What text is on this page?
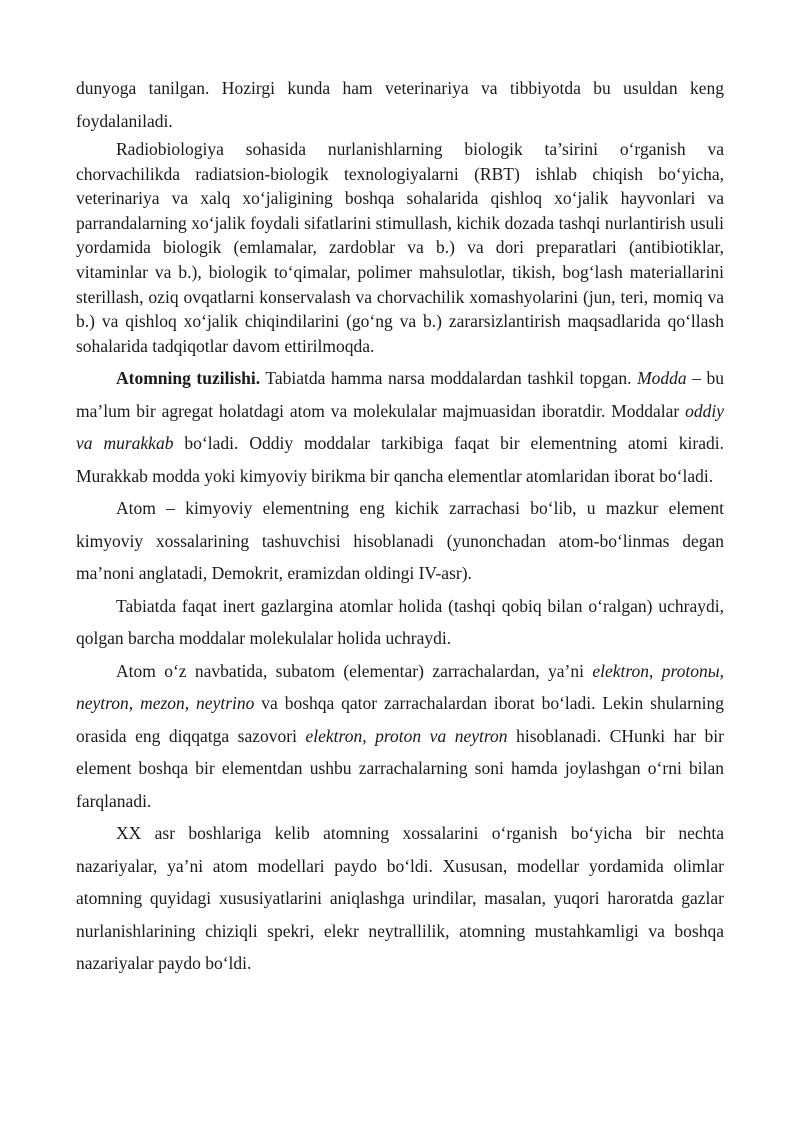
dunyoga tanilgan. Hozirgi kunda ham veterinariya va tibbiyotda bu usuldan keng foydalaniladi.

Radiobiologiya sohasida nurlanishlarning biologik ta’sirini o‘rganish va chorvachilikda radiatsion-biologik texnologiyalarni (RBT) ishlab chiqish bo‘yicha, veterinariya va xalq xo‘jaligining boshqa sohalarida qishloq xo‘jalik hayvonlari va parrandalarning xo‘jalik foydali sifatlarini stimullash, kichik dozada tashqi nurlantirish usuli yordamida biologik (emlamalar, zardoblar va b.) va dori preparatlari (antibiotiklar, vitaminlar va b.), biologik to‘qimalar, polimer mahsulotlar, tikish, bog‘lash materiallarini sterillash, oziq ovqatlarni konservalash va chorvachilik xomashyolarini (jun, teri, momiq va b.) va qishloq xo‘jalik chiqindilarini (go‘ng va b.) zararsizlantirish maqsadlarida qo‘llash sohalarida tadqiqotlar davom ettirilmoqda.

Atomning tuzilishi. Tabiatda hamma narsa moddalardan tashkil topgan. Modda – bu ma’lum bir agregat holatdagi atom va molekulalar majmuasidan iboratdir. Moddalar oddiy va murakkab bo‘ladi. Oddiy moddalar tarkibiga faqat bir elementning atomi kiradi. Murakkab modda yoki kimyoviy birikma bir qancha elementlar atomlaridan iborat bo‘ladi.

Atom – kimyoviy elementning eng kichik zarrachasi bo‘lib, u mazkur element kimyoviy xossalarining tashuvchisi hisoblanadi (yunonchadan atom-bo‘linmas degan ma’noni anglatadi, Demokrit, eramizdan oldingi IV-asr).

Tabiatda faqat inert gazlargina atomlar holida (tashqi qobiq bilan o‘ralgan) uchraydi, qolgan barcha moddalar molekulalar holida uchraydi.

Atom o‘z navbatida, subatom (elementar) zarrachalardan, ya’ni elektron, protonы, neytron, mezon, neytrino va boshqa qator zarrachalardan iborat bo‘ladi. Lekin shularning orasida eng diqqatga sazovori elektron, proton va neytron hisoblanadi. CHunki har bir element boshqa bir elementdan ushbu zarrachalarning soni hamda joylashgan o‘rni bilan farqlanadi.

XX asr boshlariga kelib atomning xossalarini o‘rganish bo‘yicha bir nechta nazariyalar, ya’ni atom modellari paydo bo‘ldi. Xususan, modellar yordamida olimlar atomning quyidagi xususiyatlarini aniqlashga urindilar, masalan, yuqori haroratda gazlar nurlanishlarining chiziqli spekri, elekr neytrallilik, atomning mustahkamligi va boshqa nazariyalar paydo bo‘ldi.
